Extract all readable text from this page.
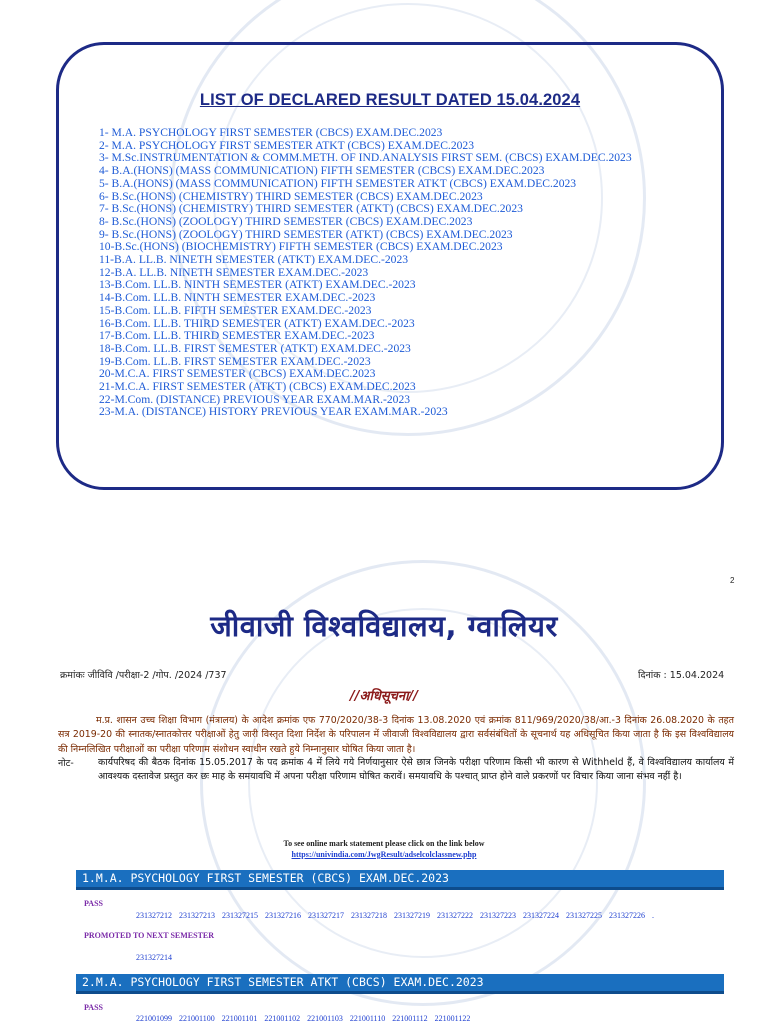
LIST OF DECLARED RESULT DATED 15.04.2024
1- M.A. PSYCHOLOGY FIRST SEMESTER (CBCS) EXAM.DEC.2023
2- M.A. PSYCHOLOGY FIRST SEMESTER ATKT (CBCS) EXAM.DEC.2023
3- M.Sc.INSTRUMENTATION & COMM.METH. OF IND.ANALYSIS FIRST SEM. (CBCS) EXAM.DEC.2023
4- B.A.(HONS) (MASS COMMUNICATION) FIFTH SEMESTER (CBCS) EXAM.DEC.2023
5- B.A.(HONS) (MASS COMMUNICATION) FIFTH SEMESTER ATKT (CBCS) EXAM.DEC.2023
6- B.Sc.(HONS) (CHEMISTRY) THIRD SEMESTER (CBCS) EXAM.DEC.2023
7- B.Sc.(HONS) (CHEMISTRY) THIRD SEMESTER (ATKT) (CBCS) EXAM.DEC.2023
8- B.Sc.(HONS) (ZOOLOGY) THIRD SEMESTER (CBCS) EXAM.DEC.2023
9- B.Sc.(HONS) (ZOOLOGY) THIRD SEMESTER (ATKT) (CBCS) EXAM.DEC.2023
10-B.Sc.(HONS) (BIOCHEMISTRY) FIFTH SEMESTER (CBCS) EXAM.DEC.2023
11-B.A. LL.B. NINETH SEMESTER (ATKT) EXAM.DEC.-2023
12-B.A. LL.B. NINETH SEMESTER EXAM.DEC.-2023
13-B.Com. LL.B. NINTH SEMESTER (ATKT) EXAM.DEC.-2023
14-B.Com. LL.B. NINTH SEMESTER EXAM.DEC.-2023
15-B.Com. LL.B. FIFTH SEMESTER EXAM.DEC.-2023
16-B.Com. LL.B. THIRD SEMESTER (ATKT) EXAM.DEC.-2023
17-B.Com. LL.B. THIRD SEMESTER EXAM.DEC.-2023
18-B.Com. LL.B. FIRST SEMESTER (ATKT) EXAM.DEC.-2023
19-B.Com. LL.B. FIRST SEMESTER EXAM.DEC.-2023
20-M.C.A. FIRST SEMESTER (CBCS) EXAM.DEC.2023
21-M.C.A. FIRST SEMESTER (ATKT) (CBCS) EXAM.DEC.2023
22-M.Com. (DISTANCE) PREVIOUS YEAR EXAM.MAR.-2023
23-M.A. (DISTANCE) HISTORY PREVIOUS YEAR EXAM.MAR.-2023
2
जीवाजी विश्वविद्यालय, ग्वालियर
क्रमांकः जीविवि /परीक्षा-2 /गोप. /2024 /737	दिनांक : 15.04.2024
//अधिसूचना//
म.प्र. शासन उच्च शिक्षा विभाग (मंत्रालय) के आदेश क्रमांक एफ 770/2020/38-3 दिनांक 13.08.2020 एवं क्रमांक 811/969/2020/38/आ.-3 दिनांक 26.08.2020 के तहत सत्र 2019-20 की स्नातक/स्नातकोत्तर परीक्षाओं हेतु जारी विस्तृत दिशा निर्देश के परिपालन में जीवाजी विश्वविद्यालय द्वारा सर्वसंबंधितों के सूचनार्थ यह अधिसूचित किया जाता है कि इस विश्वविद्यालय की निम्नलिखित परीक्षाओं का परीक्षा परिणाम संशोधन स्वाधीन रखते हुये निम्नानुसार घोषित किया जाता है।
नोट-	कार्यपरिषद की बैठक दिनांक 15.05.2017 के पद क्रमांक 4 में लिये गये निर्णयानुसार ऐसे छात्र जिनके परीक्षा परिणाम किसी भी कारण से Withheld हैं, वे विश्वविद्यालय कार्यालय में आवश्यक दस्तावेज प्रस्तुत कर छः माह के समयावधि में अपना परीक्षा परिणाम घोषित करावें। समयावधि के पश्चात् प्राप्त होने वाले प्रकरणों पर विचार किया जाना संभव नहीं है।
To see online mark statement please click on the link below
https://univindia.com/JwgResult/adselcolclassnew.php
1.M.A. PSYCHOLOGY FIRST SEMESTER (CBCS) EXAM.DEC.2023
PASS
231327212 231327213 231327215 231327216 231327217 231327218 231327219 231327222 231327223 231327224 231327225 231327226 .
PROMOTED TO NEXT SEMESTER
231327214
2.M.A. PSYCHOLOGY FIRST SEMESTER ATKT (CBCS) EXAM.DEC.2023
PASS
221001099 221001100 221001101 221001102 221001103 221001110 221001112 221001122
